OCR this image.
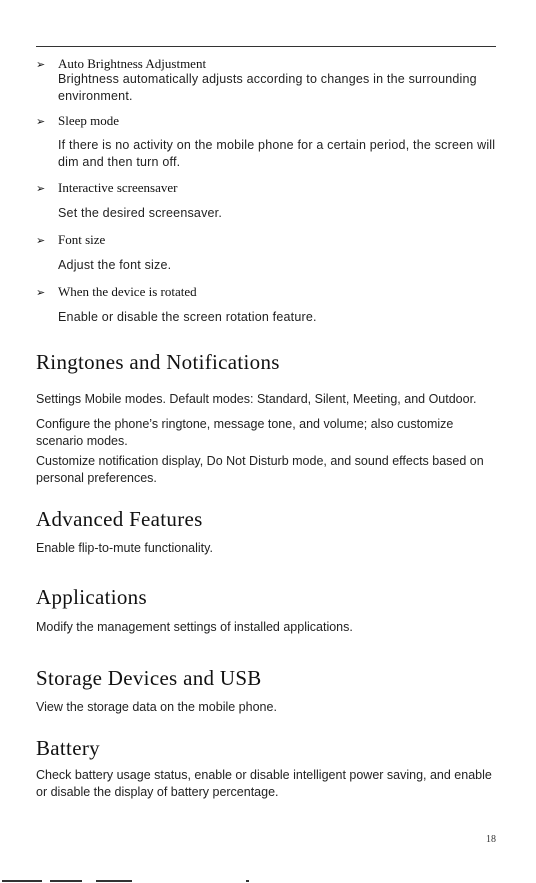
➢ Auto Brightness Adjustment
Brightness automatically adjusts according to changes in the surrounding environment.
➢ Sleep mode
If there is no activity on the mobile phone for a certain period, the screen will dim and then turn off.
➢ Interactive screensaver
Set the desired screensaver.
➢ Font size
Adjust the font size.
➢ When the device is rotated
Enable or disable the screen rotation feature.
Ringtones and Notifications
Settings Mobile modes. Default modes: Standard, Silent, Meeting, and Outdoor.
Configure the phone’s ringtone, message tone, and volume; also customize scenario modes.
Customize notification display, Do Not Disturb mode, and sound effects based on personal preferences.
Advanced Features
Enable flip-to-mute functionality.
Applications
Modify the management settings of installed applications.
Storage Devices and USB
View the storage data on the mobile phone.
Battery
Check battery usage status, enable or disable intelligent power saving, and enable or disable the display of battery percentage.
18
